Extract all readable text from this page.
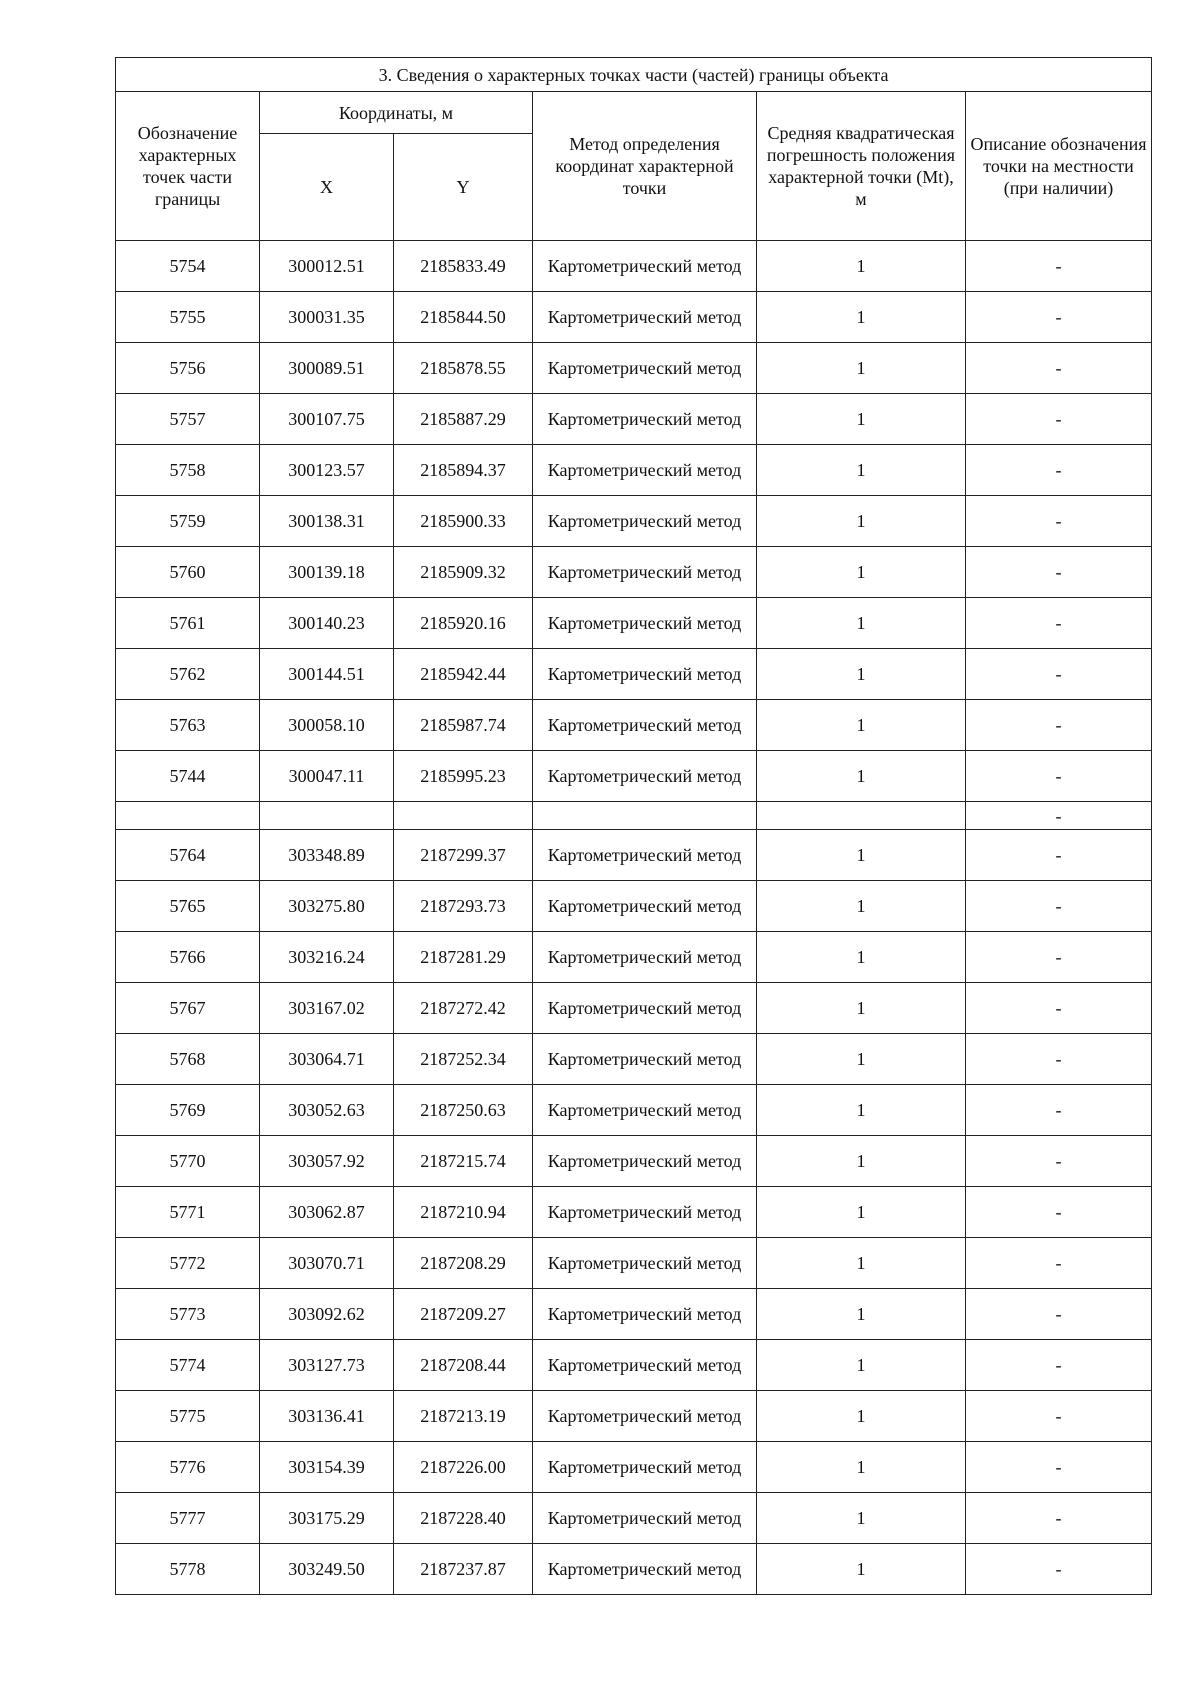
3. Сведения о характерных точках части (частей) границы объекта					
Обозначение характерных точек части границы	Координаты, м		Метод определения координат характерной точки	Средняя квадратическая погрешность положения характерной точки (Mt), м	Описание обозначения точки на местности (при наличии)
	X	Y			
5754	300012.51	2185833.49	Картометрический метод	1	-
5755	300031.35	2185844.50	Картометрический метод	1	-
5756	300089.51	2185878.55	Картометрический метод	1	-
5757	300107.75	2185887.29	Картометрический метод	1	-
5758	300123.57	2185894.37	Картометрический метод	1	-
5759	300138.31	2185900.33	Картометрический метод	1	-
5760	300139.18	2185909.32	Картометрический метод	1	-
5761	300140.23	2185920.16	Картометрический метод	1	-
5762	300144.51	2185942.44	Картометрический метод	1	-
5763	300058.10	2185987.74	Картометрический метод	1	-
5744	300047.11	2185995.23	Картометрический метод	1	-
					-
5764	303348.89	2187299.37	Картометрический метод	1	-
5765	303275.80	2187293.73	Картометрический метод	1	-
5766	303216.24	2187281.29	Картометрический метод	1	-
5767	303167.02	2187272.42	Картометрический метод	1	-
5768	303064.71	2187252.34	Картометрический метод	1	-
5769	303052.63	2187250.63	Картометрический метод	1	-
5770	303057.92	2187215.74	Картометрический метод	1	-
5771	303062.87	2187210.94	Картометрический метод	1	-
5772	303070.71	2187208.29	Картометрический метод	1	-
5773	303092.62	2187209.27	Картометрический метод	1	-
5774	303127.73	2187208.44	Картометрический метод	1	-
5775	303136.41	2187213.19	Картометрический метод	1	-
5776	303154.39	2187226.00	Картометрический метод	1	-
5777	303175.29	2187228.40	Картометрический метод	1	-
5778	303249.50	2187237.87	Картометрический метод	1	-
